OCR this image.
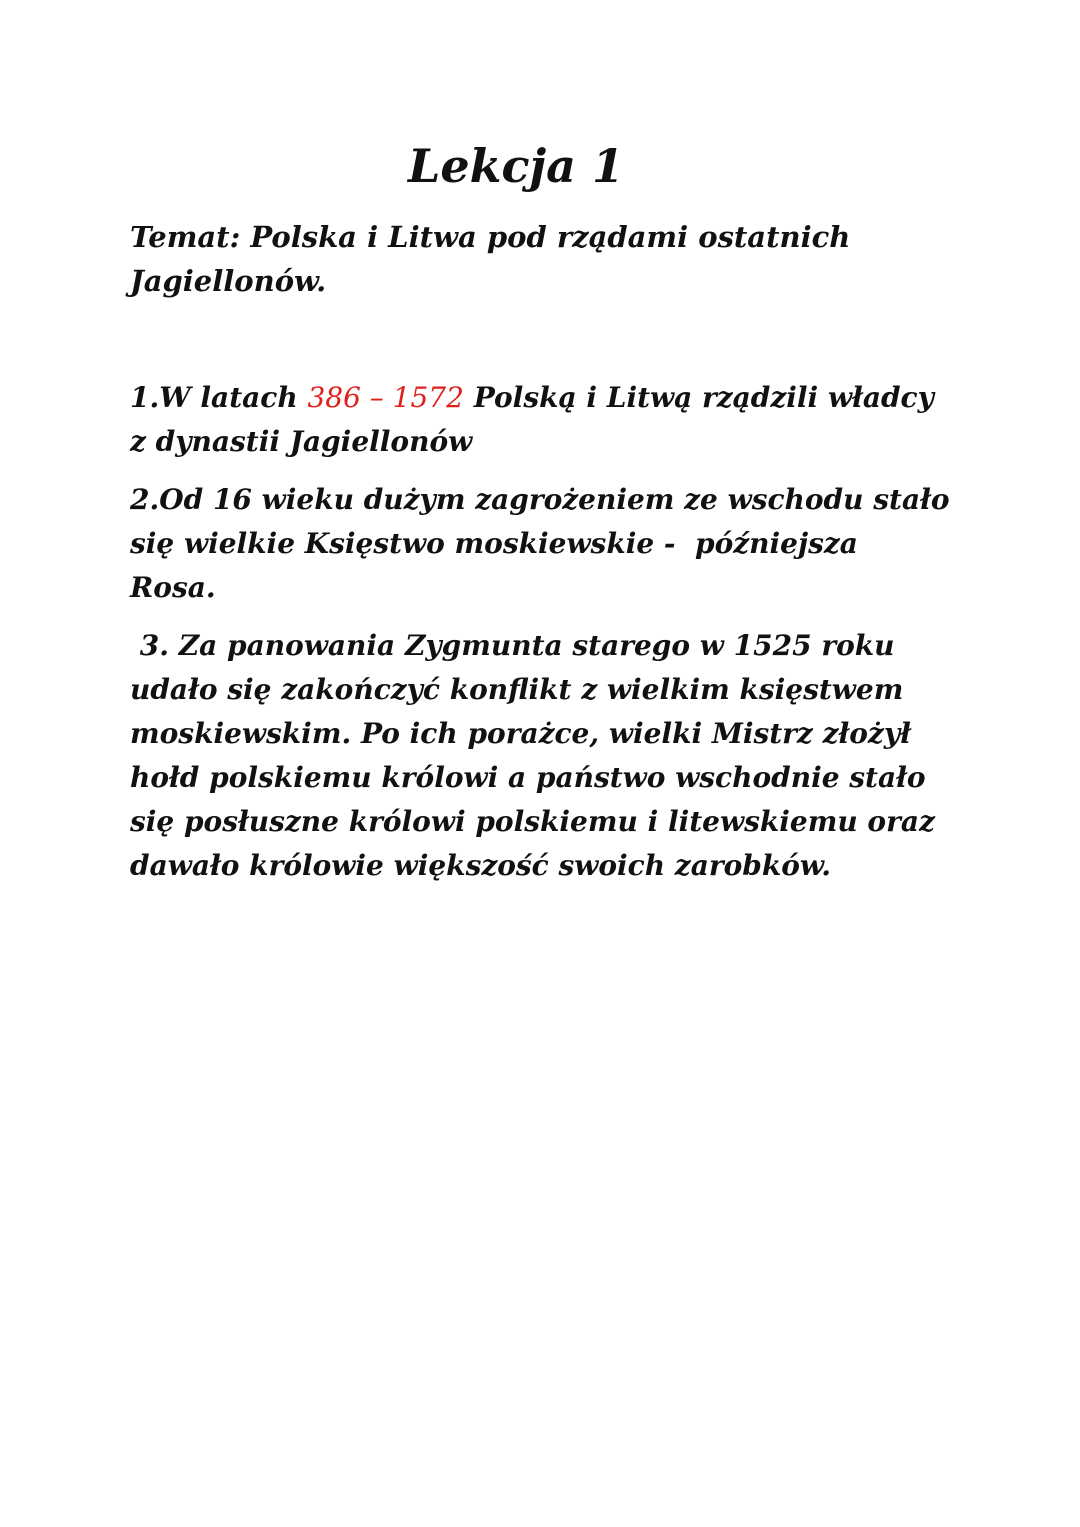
Lekcja 1

Temat: Polska i Litwa pod rządami ostatnich
Jagiellonów.

1.W latach 386 – 1572 Polską i Litwą rządzili władcy
z dynastii Jagiellonów

2.Od 16 wieku dużym zagrożeniem ze wschodu stało
się wielkie Księstwo moskiewskie -  późniejsza
Rosa.

3. Za panowania Zygmunta starego w 1525 roku
udało się zakończyć konflikt z wielkim księstwem
moskiewskim. Po ich porażce, wielki Mistrz złożył
hołd polskiemu królowi a państwo wschodnie stało
się posłuszne królowi polskiemu i litewskiemu oraz
dawało królowie większość swoich zarobków.
